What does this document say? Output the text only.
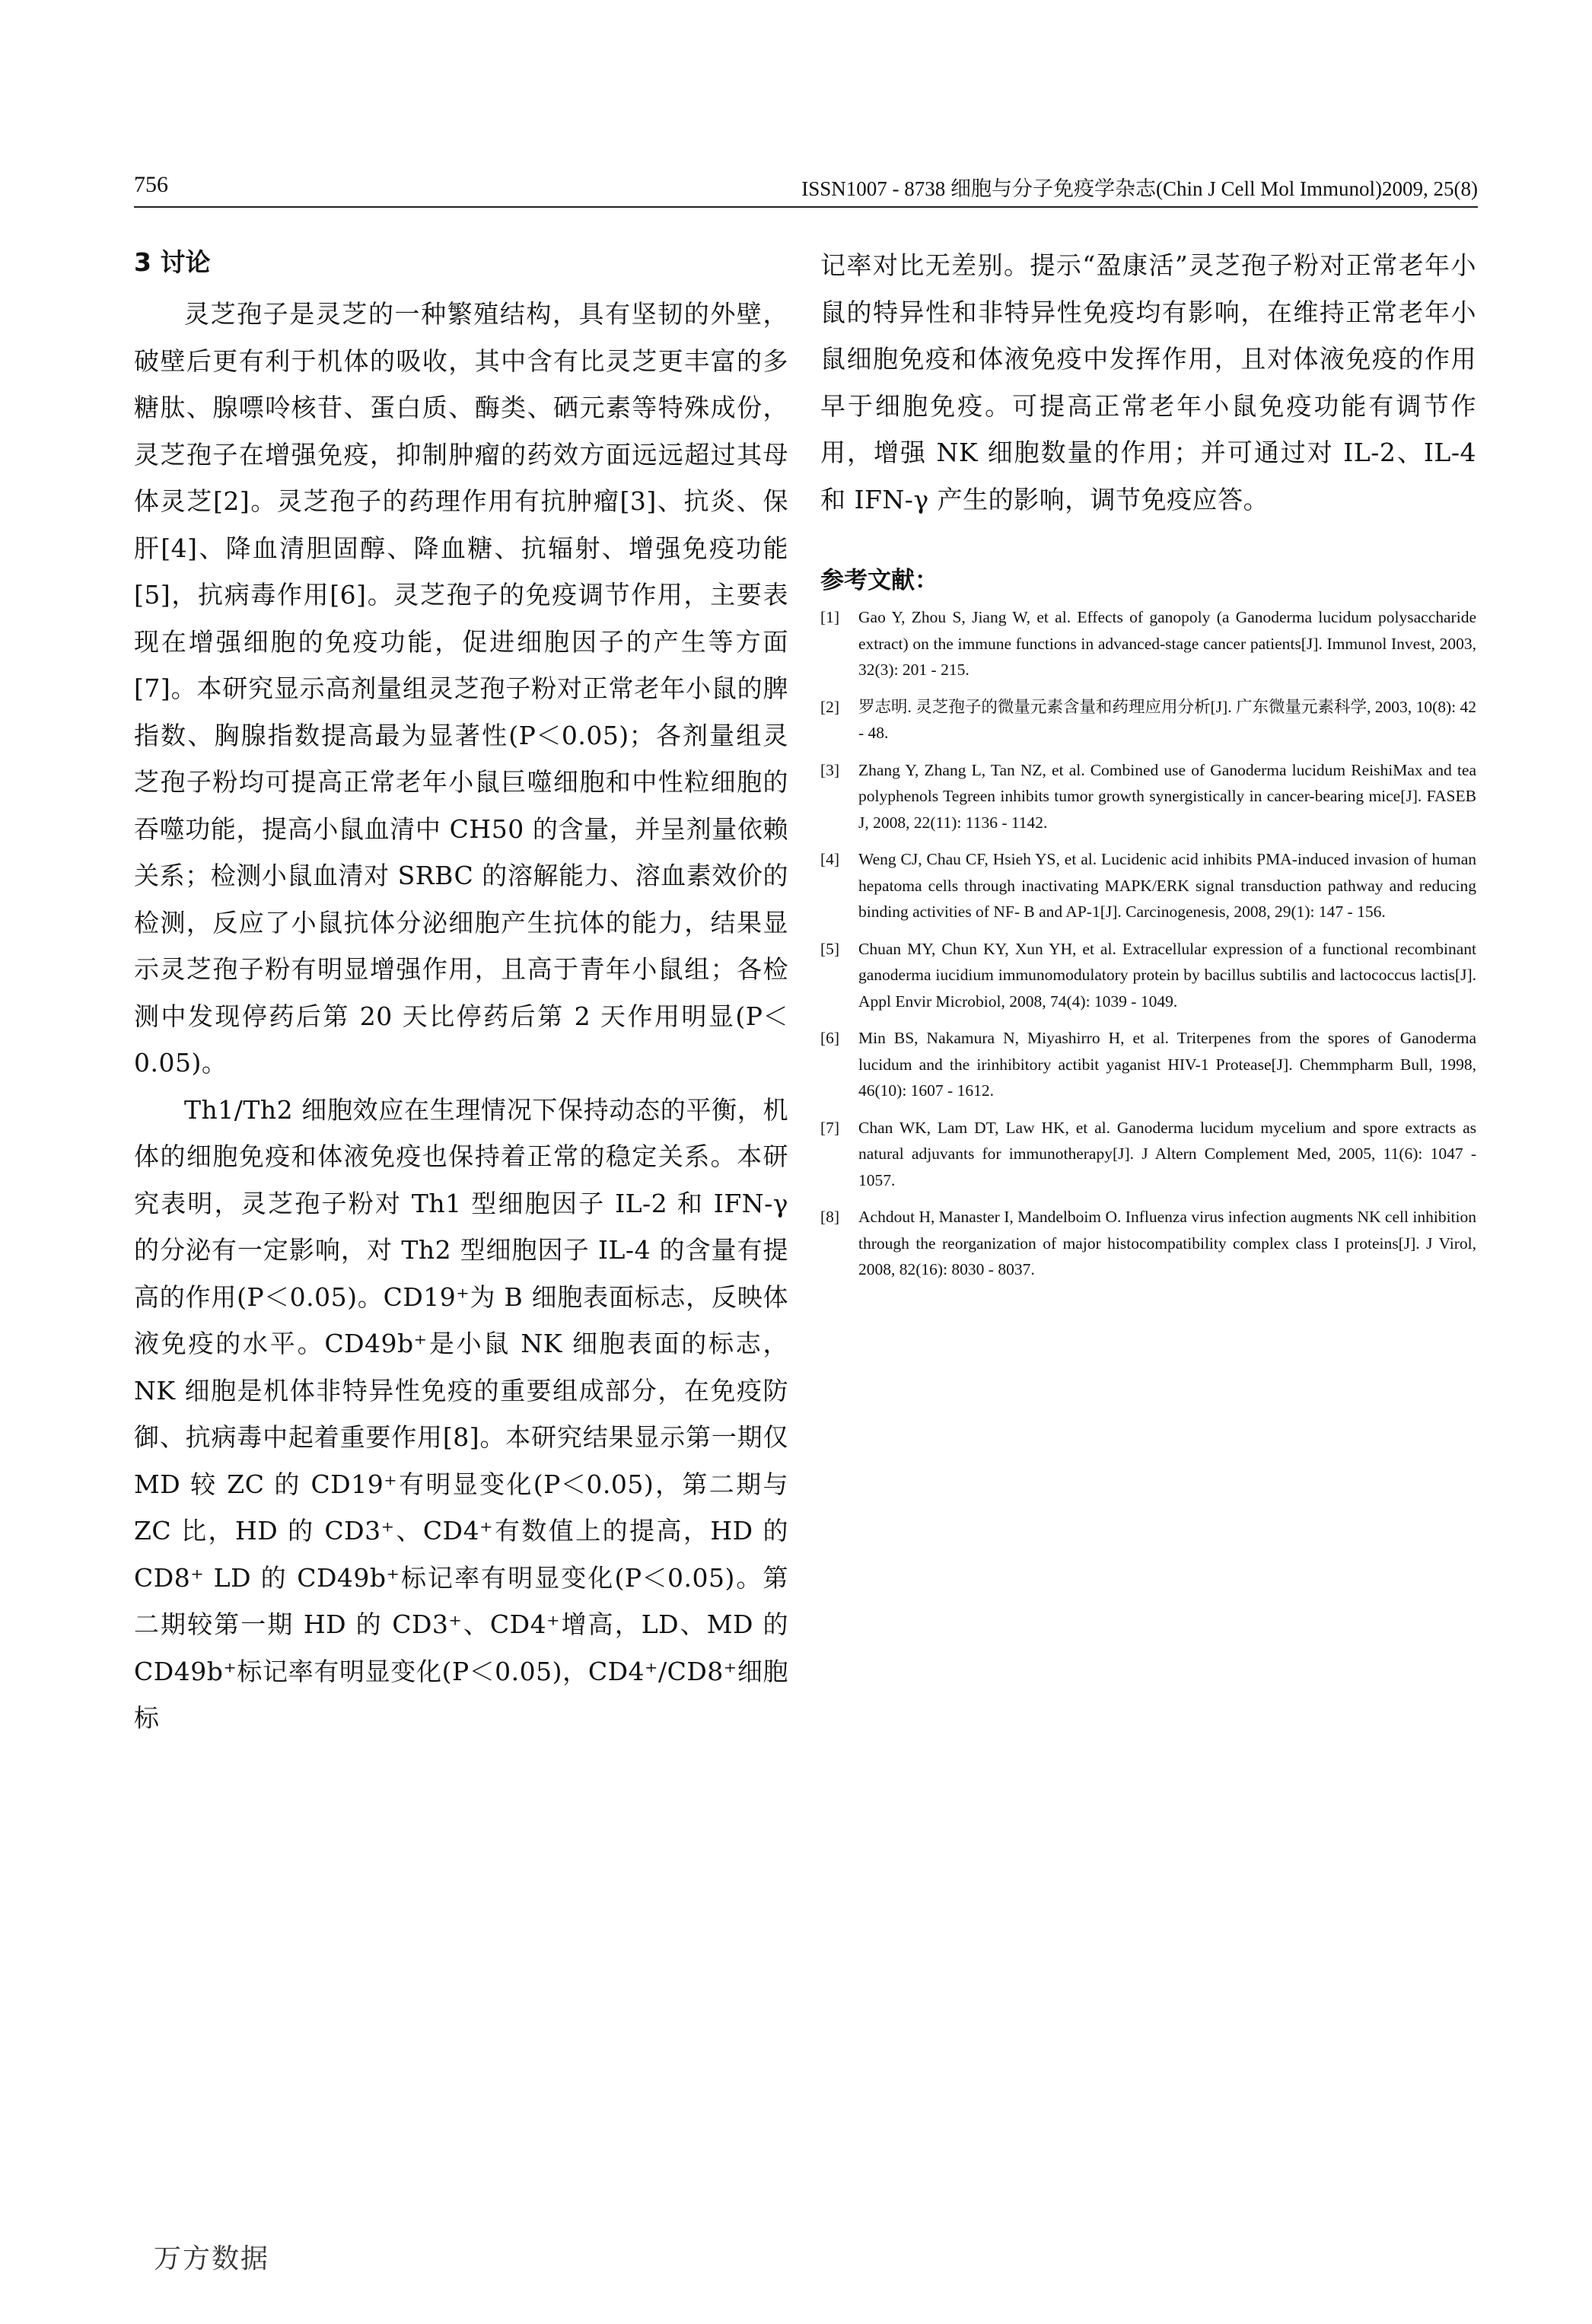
756	ISSN1007 - 8738 细胞与分子免疫学杂志(Chin J Cell Mol Immunol)2009, 25(8)
3 讨论

灵芝孢子是灵芝的一种繁殖结构，具有坚韧的外壁，破壁后更有利于机体的吸收，其中含有比灵芝更丰富的多糖肽、腺嘌呤核苷、蛋白质、酶类、硒元素等特殊成份，灵芝孢子在增强免疫，抑制肿瘤的药效方面远远超过其母体灵芝[2]。灵芝孢子的药理作用有抗肿瘤[3]、抗炎、保肝[4]、降血清胆固醇、降血糖、抗辐射、增强免疫功能[5]，抗病毒作用[6]。灵芝孢子的免疫调节作用，主要表现在增强细胞的免疫功能，促进细胞因子的产生等方面[7]。本研究显示高剂量组灵芝孢子粉对正常老年小鼠的脾指数、胸腺指数提高最为显著性(P＜0.05)；各剂量组灵芝孢子粉均可提高正常老年小鼠巨噬细胞和中性粒细胞的吞噬功能，提高小鼠血清中 CH50 的含量，并呈剂量依赖关系；检测小鼠血清对 SRBC 的溶解能力、溶血素效价的检测，反应了小鼠抗体分泌细胞产生抗体的能力，结果显示灵芝孢子粉有明显增强作用，且高于青年小鼠组；各检测中发现停药后第 20 天比停药后第 2 天作用明显(P＜0.05)。

Th1/Th2 细胞效应在生理情况下保持动态的平衡，机体的细胞免疫和体液免疫也保持着正常的稳定关系。本研究表明，灵芝孢子粉对 Th1 型细胞因子 IL-2 和 IFN-γ 的分泌有一定影响，对 Th2 型细胞因子 IL-4 的含量有提高的作用(P＜0.05)。CD19⁺为 B 细胞表面标志，反映体液免疫的水平。CD49b⁺是小鼠 NK 细胞表面的标志，NK 细胞是机体非特异性免疫的重要组成部分，在免疫防御、抗病毒中起着重要作用[8]。本研究结果显示第一期仅 MD 较 ZC 的 CD19⁺有明显变化(P＜0.05)，第二期与 ZC 比，HD 的 CD3⁺、CD4⁺有数值上的提高，HD 的 CD8⁺ LD 的 CD49b⁺标记率有明显变化(P＜0.05)。第二期较第一期 HD 的 CD3⁺、CD4⁺增高，LD、MD 的 CD49b⁺标记率有明显变化(P＜0.05)，CD4⁺/CD8⁺细胞标

记率对比无差别。提示“盈康活”灵芝孢子粉对正常老年小鼠的特异性和非特异性免疫均有影响，在维持正常老年小鼠细胞免疫和体液免疫中发挥作用，且对体液免疫的作用早于细胞免疫。可提高正常老年小鼠免疫功能有调节作用，增强 NK 细胞数量的作用；并可通过对 IL-2、IL-4 和 IFN-γ 产生的影响，调节免疫应答。

参考文献：
[1] Gao Y, Zhou S, Jiang W, et al. Effects of ganopoly (a Ganoderma lucidum polysaccharide extract) on the immune functions in advanced-stage cancer patients[J]. Immunol Invest, 2003, 32(3): 201 - 215.
[2] 罗志明. 灵芝孢子的微量元素含量和药理应用分析[J]. 广东微量元素科学, 2003, 10(8): 42 - 48.
[3] Zhang Y, Zhang L, Tan NZ, et al. Combined use of Ganoderma lucidum ReishiMax and tea polyphenols Tegreen inhibits tumor growth synergistically in cancer-bearing mice[J]. FASEB J, 2008, 22(11): 1136 - 1142.
[4] Weng CJ, Chau CF, Hsieh YS, et al. Lucidenic acid inhibits PMA-induced invasion of human hepatoma cells through inactivating MAPK/ERK signal transduction pathway and reducing binding activities of NF- B and AP-1[J]. Carcinogenesis, 2008, 29(1): 147 - 156.
[5] Chuan MY, Chun KY, Xun YH, et al. Extracellular expression of a functional recombinant ganoderma iucidium immunomodulatory protein by bacillus subtilis and lactococcus lactis[J]. Appl Envir Microbiol, 2008, 74(4): 1039 - 1049.
[6] Min BS, Nakamura N, Miyashirro H, et al. Triterpenes from the spores of Ganoderma lucidum and the irinhibitory actibit yaganist HIV-1 Protease[J]. Chemmpharm Bull, 1998, 46(10): 1607 - 1612.
[7] Chan WK, Lam DT, Law HK, et al. Ganoderma lucidum mycelium and spore extracts as natural adjuvants for immunotherapy[J]. J Altern Complement Med, 2005, 11(6): 1047 - 1057.
[8] Achdout H, Manaster I, Mandelboim O. Influenza virus infection augments NK cell inhibition through the reorganization of major histocompatibility complex class I proteins[J]. J Virol, 2008, 82(16): 8030 - 8037.
万方数据
